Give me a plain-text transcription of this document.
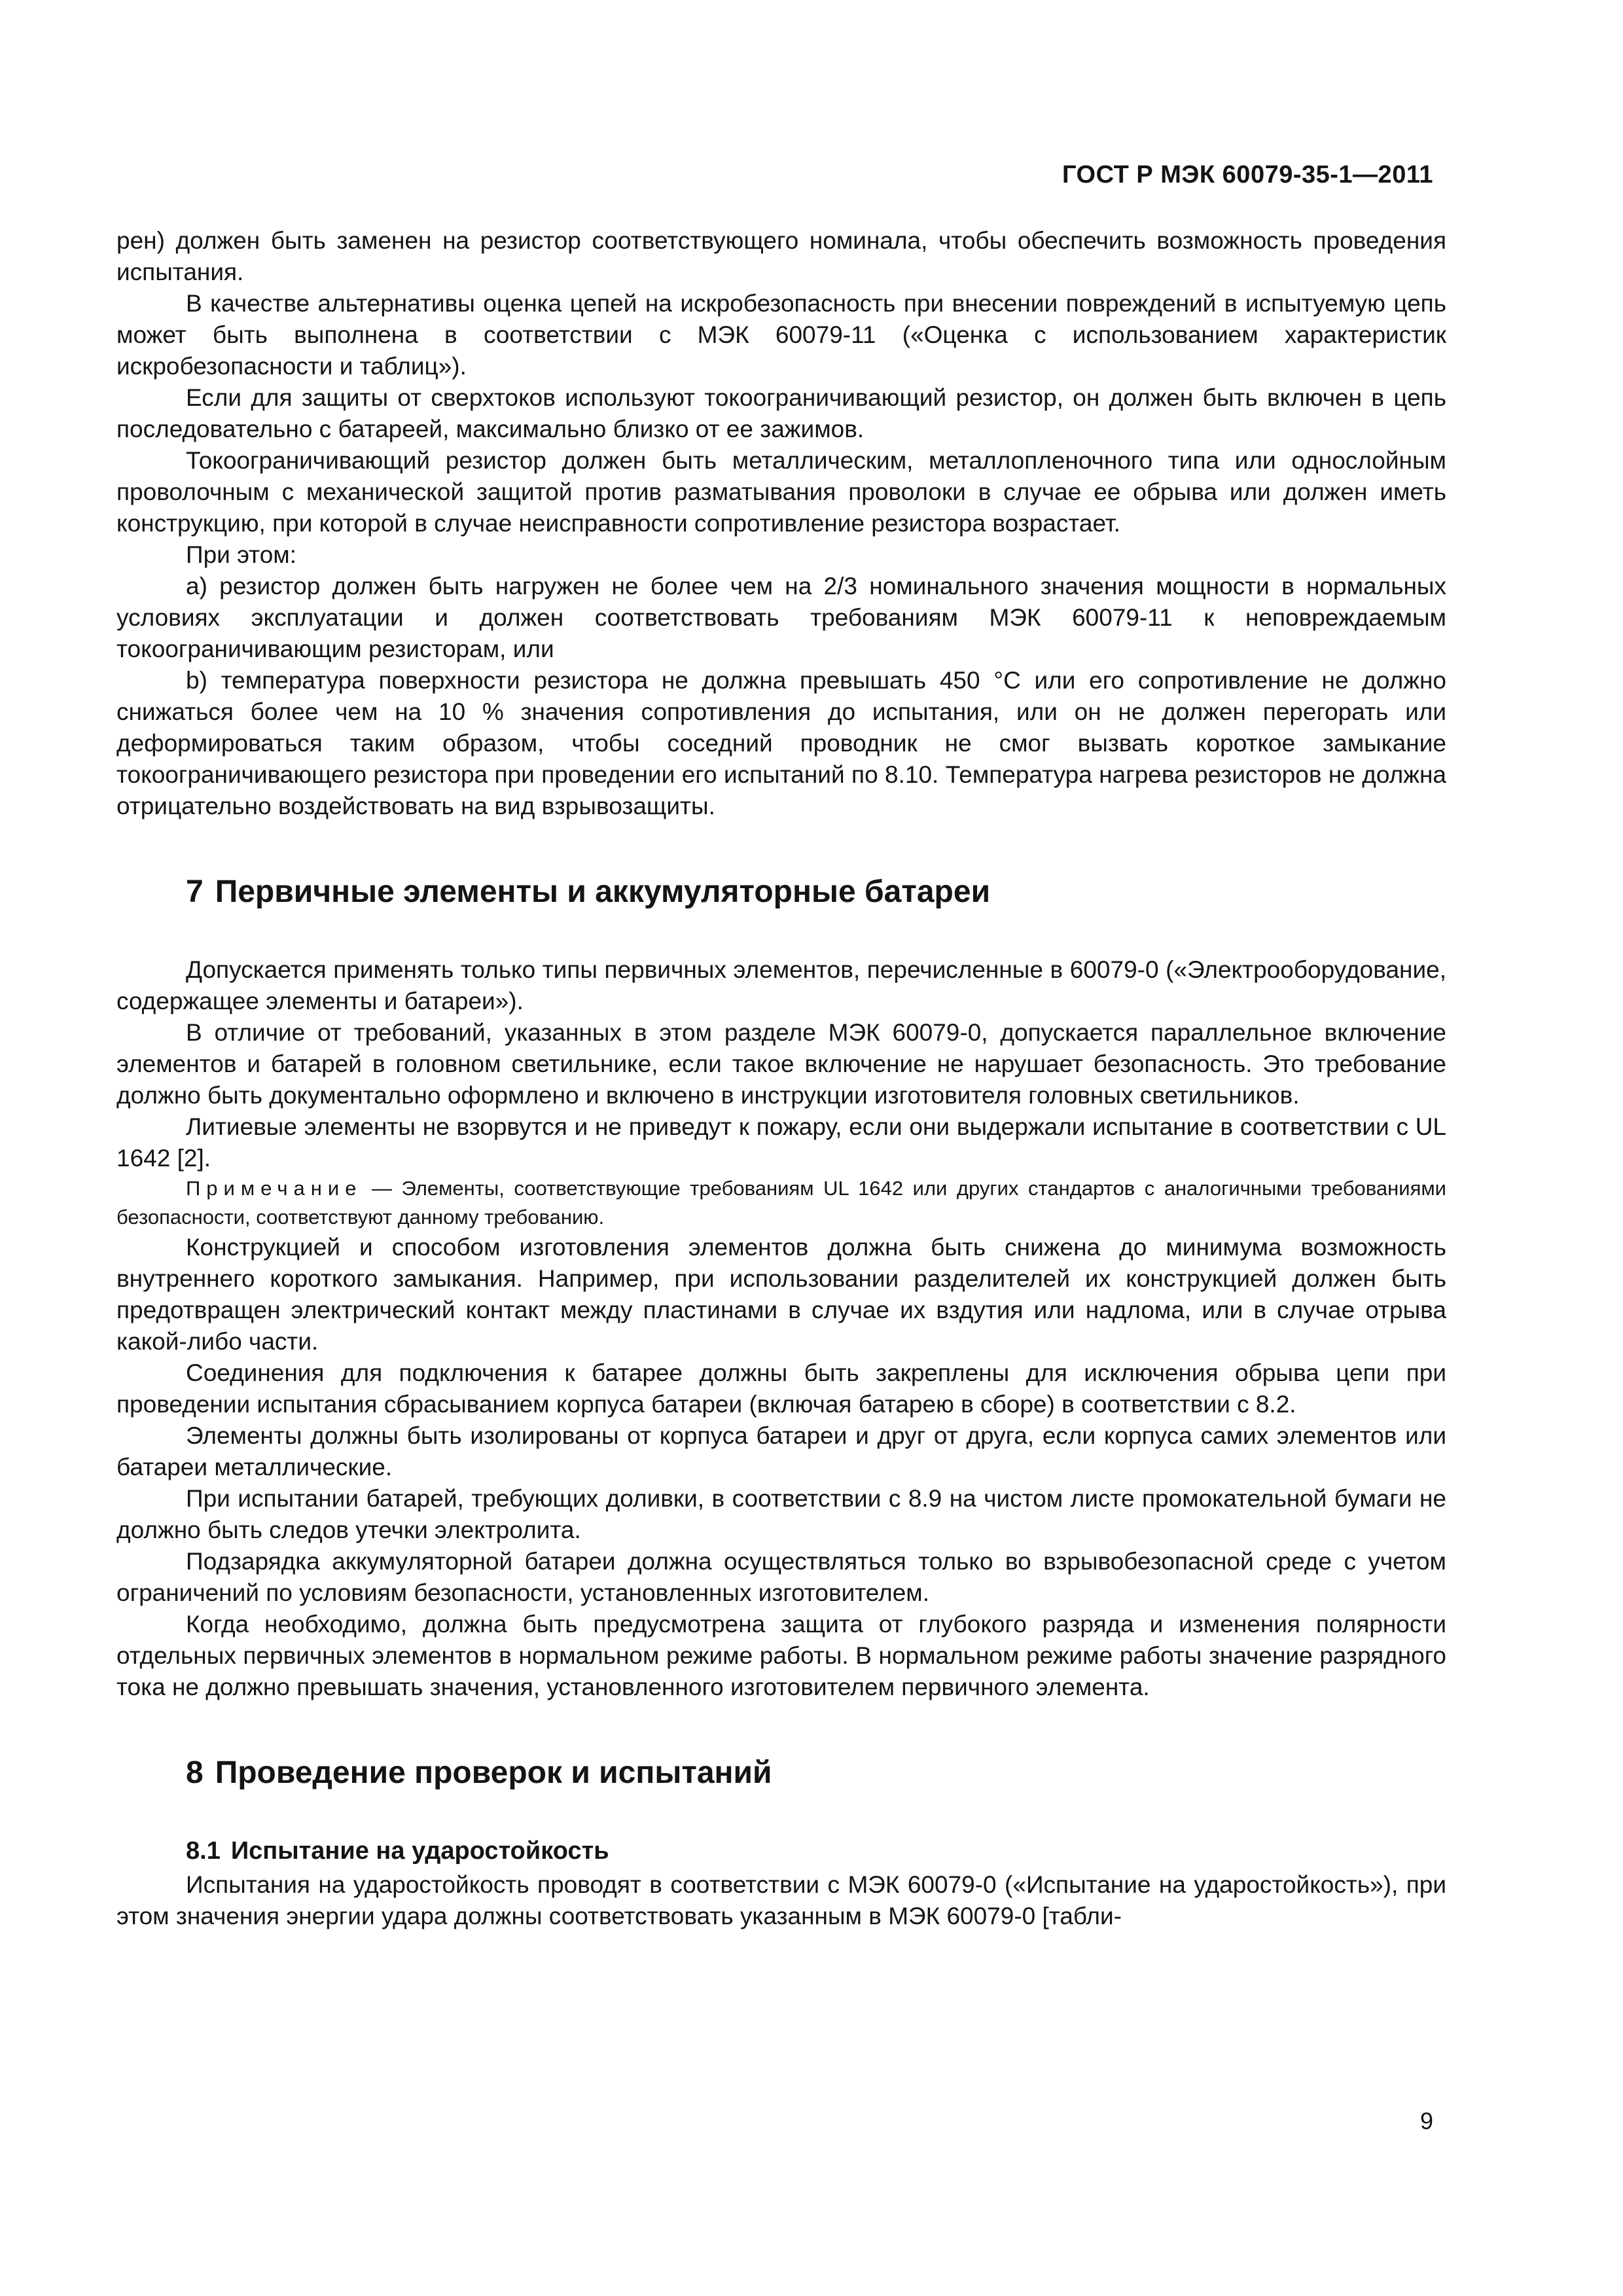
ГОСТ Р МЭК 60079-35-1—2011

рен) должен быть заменен на резистор соответствующего номинала, чтобы обеспечить возможность проведения испытания.

В качестве альтернативы оценка цепей на искробезопасность при внесении повреждений в испытуемую цепь может быть выполнена в соответствии с МЭК 60079-11 («Оценка с использованием характеристик искробезопасности и таблиц»).

Если для защиты от сверхтоков используют токоограничивающий резистор, он должен быть включен в цепь последовательно с батареей, максимально близко от ее зажимов.

Токоограничивающий резистор должен быть металлическим, металлопленочного типа или однослойным проволочным с механической защитой против разматывания проволоки в случае ее обрыва или должен иметь конструкцию, при которой в случае неисправности сопротивление резистора возрастает.

При этом:

а) резистор должен быть нагружен не более чем на 2/3 номинального значения мощности в нормальных условиях эксплуатации и должен соответствовать требованиям МЭК 60079-11 к неповреждаемым токоограничивающим резисторам, или

b) температура поверхности резистора не должна превышать 450 °С или его сопротивление не должно снижаться более чем на 10 % значения сопротивления до испытания, или он не должен перегорать или деформироваться таким образом, чтобы соседний проводник не смог вызвать короткое замыкание токоограничивающего резистора при проведении его испытаний по 8.10. Температура нагрева резисторов не должна отрицательно воздействовать на вид взрывозащиты.

7 Первичные элементы и аккумуляторные батареи

Допускается применять только типы первичных элементов, перечисленные в 60079-0 («Электрооборудование, содержащее элементы и батареи»).

В отличие от требований, указанных в этом разделе МЭК 60079-0, допускается параллельное включение элементов и батарей в головном светильнике, если такое включение не нарушает безопасность. Это требование должно быть документально оформлено и включено в инструкции изготовителя головных светильников.

Литиевые элементы не взорвутся и не приведут к пожару, если они выдержали испытание в соответствии с UL 1642 [2].

Примечание — Элементы, соответствующие требованиям UL 1642 или других стандартов с аналогичными требованиями безопасности, соответствуют данному требованию.

Конструкцией и способом изготовления элементов должна быть снижена до минимума возможность внутреннего короткого замыкания. Например, при использовании разделителей их конструкцией должен быть предотвращен электрический контакт между пластинами в случае их вздутия или надлома, или в случае отрыва какой-либо части.

Соединения для подключения к батарее должны быть закреплены для исключения обрыва цепи при проведении испытания сбрасыванием корпуса батареи (включая батарею в сборе) в соответствии с 8.2.

Элементы должны быть изолированы от корпуса батареи и друг от друга, если корпуса самих элементов или батареи металлические.

При испытании батарей, требующих доливки, в соответствии с 8.9 на чистом листе промокательной бумаги не должно быть следов утечки электролита.

Подзарядка аккумуляторной батареи должна осуществляться только во взрывобезопасной среде с учетом ограничений по условиям безопасности, установленных изготовителем.

Когда необходимо, должна быть предусмотрена защита от глубокого разряда и изменения полярности отдельных первичных элементов в нормальном режиме работы. В нормальном режиме работы значение разрядного тока не должно превышать значения, установленного изготовителем первичного элемента.

8 Проведение проверок и испытаний
8.1 Испытание на ударостойкость

Испытания на ударостойкость проводят в соответствии с МЭК 60079-0 («Испытание на ударостойкость»), при этом значения энергии удара должны соответствовать указанным в МЭК 60079-0 [табли-

9
